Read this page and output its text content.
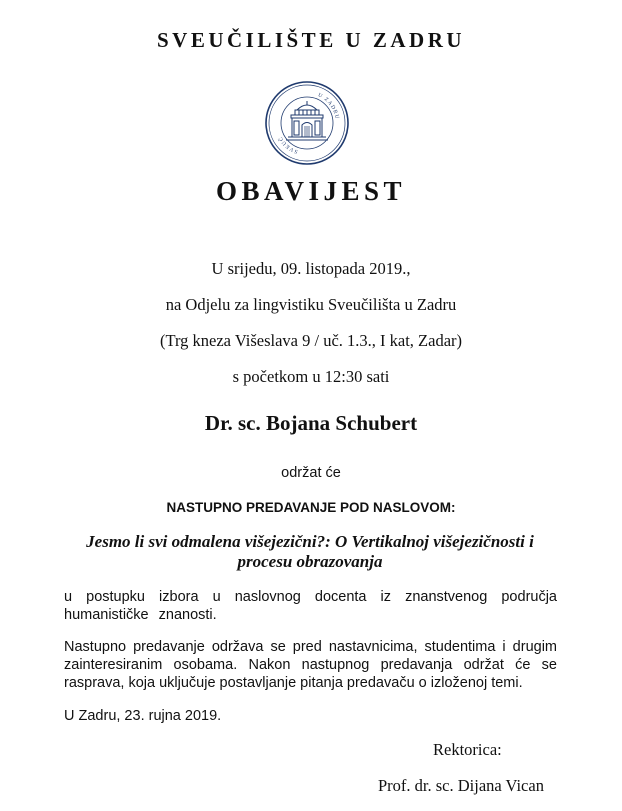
SVEUČILIŠTE U ZADRU
U ZADRU
SVEUČ
OBAVIJEST
U srijedu, 09. listopada 2019.,
na Odjelu za lingvistiku Sveučilišta u Zadru
(Trg kneza Višeslava 9 / uč. 1.3., I kat, Zadar)
s početkom u 12:30 sati
Dr. sc. Bojana Schubert
održat će
NASTUPNO PREDAVANJE POD NASLOVOM:
Jesmo li svi odmalena višejezični?: O Vertikalnoj višejezičnosti i procesu obrazovanja
u postupku izbora u naslovnog docenta iz znanstvenog područja humanističke znanosti.
Nastupno predavanje održava se pred nastavnicima, studentima i drugim zainteresiranim osobama. Nakon nastupnog predavanja održat će se rasprava, koja uključuje postavljanje pitanja predavaču o izloženoj temi.
U Zadru, 23. rujna 2019.
Rektorica:
Prof. dr. sc. Dijana Vican
